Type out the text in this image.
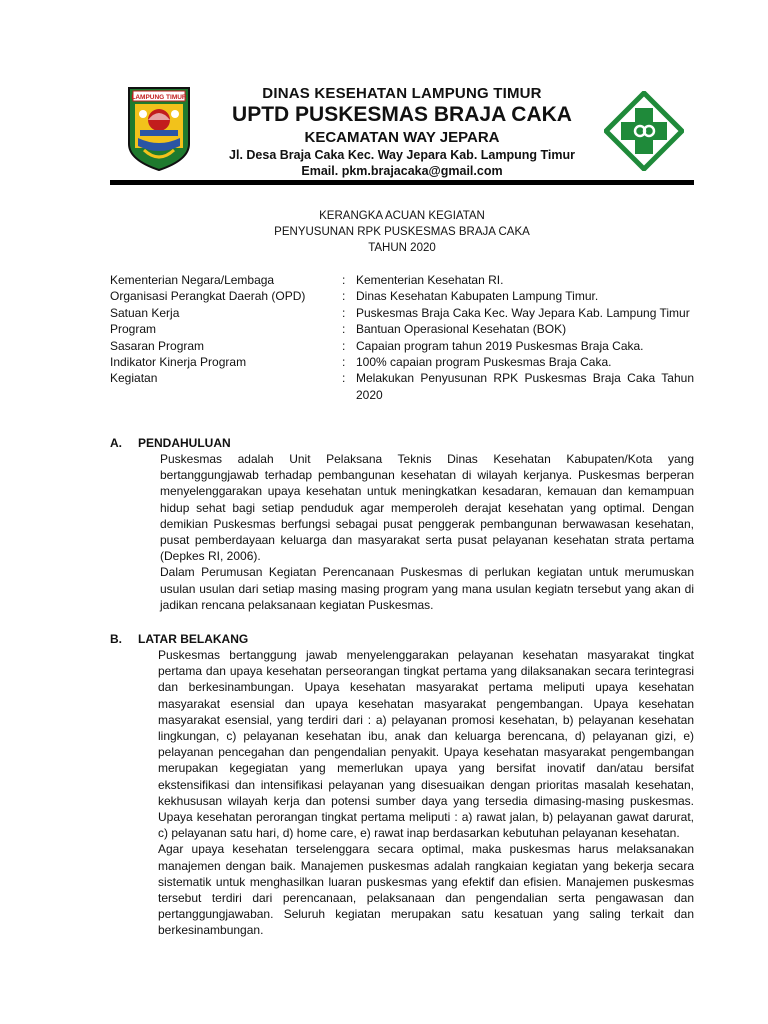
LAMPUNG TIMUR	DINAS KESEHATAN LAMPUNG TIMUR
UPTD PUSKESMAS BRAJA CAKA
KECAMATAN WAY JEPARA
Jl. Desa Braja Caka Kec. Way Jepara Kab. Lampung Timur
Email. pkm.brajacaka@gmail.com
KERANGKA ACUAN KEGIATAN
PENYUSUNAN RPK PUSKESMAS BRAJA CAKA
TAHUN 2020
Kementerian Negara/Lembaga	: Kementerian Kesehatan RI.
Organisasi Perangkat Daerah (OPD)	: Dinas Kesehatan Kabupaten Lampung Timur.
Satuan Kerja	: Puskesmas Braja Caka Kec. Way Jepara Kab. Lampung Timur
Program	: Bantuan Operasional Kesehatan (BOK)
Sasaran Program	: Capaian program tahun 2019 Puskesmas Braja Caka.
Indikator Kinerja Program	: 100% capaian program Puskesmas Braja Caka.
Kegiatan	: Melakukan Penyusunan RPK Puskesmas Braja Caka Tahun 2020
A. PENDAHULUAN

Puskesmas adalah Unit Pelaksana Teknis Dinas Kesehatan Kabupaten/Kota yang bertanggungjawab terhadap pembangunan kesehatan di wilayah kerjanya. Puskesmas berperan menyelenggarakan upaya kesehatan untuk meningkatkan kesadaran, kemauan dan kemampuan hidup sehat bagi setiap penduduk agar memperoleh derajat kesehatan yang optimal. Dengan demikian Puskesmas berfungsi sebagai pusat penggerak pembangunan berwawasan kesehatan, pusat pemberdayaan keluarga dan masyarakat serta pusat pelayanan kesehatan strata pertama (Depkes RI, 2006).

Dalam Perumusan Kegiatan Perencanaan Puskesmas di perlukan kegiatan untuk merumuskan usulan usulan dari setiap masing masing program yang mana usulan kegiatn tersebut yang akan di jadikan rencana pelaksanaan kegiatan Puskesmas.

B. LATAR BELAKANG

Puskesmas bertanggung jawab menyelenggarakan pelayanan kesehatan masyarakat tingkat pertama dan upaya kesehatan perseorangan tingkat pertama yang dilaksanakan secara terintegrasi dan berkesinambungan. Upaya kesehatan masyarakat pertama meliputi upaya kesehatan masyarakat esensial dan upaya kesehatan masyarakat pengembangan. Upaya kesehatan masyarakat esensial, yang terdiri dari : a) pelayanan promosi kesehatan, b) pelayanan kesehatan lingkungan, c) pelayanan kesehatan ibu, anak dan keluarga berencana, d) pelayanan gizi, e) pelayanan pencegahan dan pengendalian penyakit. Upaya kesehatan masyarakat pengembangan merupakan kegegiatan yang memerlukan upaya yang bersifat inovatif dan/atau bersifat ekstensifikasi dan intensifikasi pelayanan yang disesuaikan dengan prioritas masalah kesehatan, kekhususan wilayah kerja dan potensi sumber daya yang tersedia dimasing-masing puskesmas. Upaya kesehatan perorangan tingkat pertama meliputi : a) rawat jalan, b) pelayanan gawat darurat, c) pelayanan satu hari, d) home care, e) rawat inap berdasarkan kebutuhan pelayanan kesehatan.

Agar upaya kesehatan terselenggara secara optimal, maka puskesmas harus melaksanakan manajemen dengan baik. Manajemen puskesmas adalah rangkaian kegiatan yang bekerja secara sistematik untuk menghasilkan luaran puskesmas yang efektif dan efisien. Manajemen puskesmas tersebut terdiri dari perencanaan, pelaksanaan dan pengendalian serta pengawasan dan pertanggungjawaban. Seluruh kegiatan merupakan satu kesatuan yang saling terkait dan berkesinambungan.
